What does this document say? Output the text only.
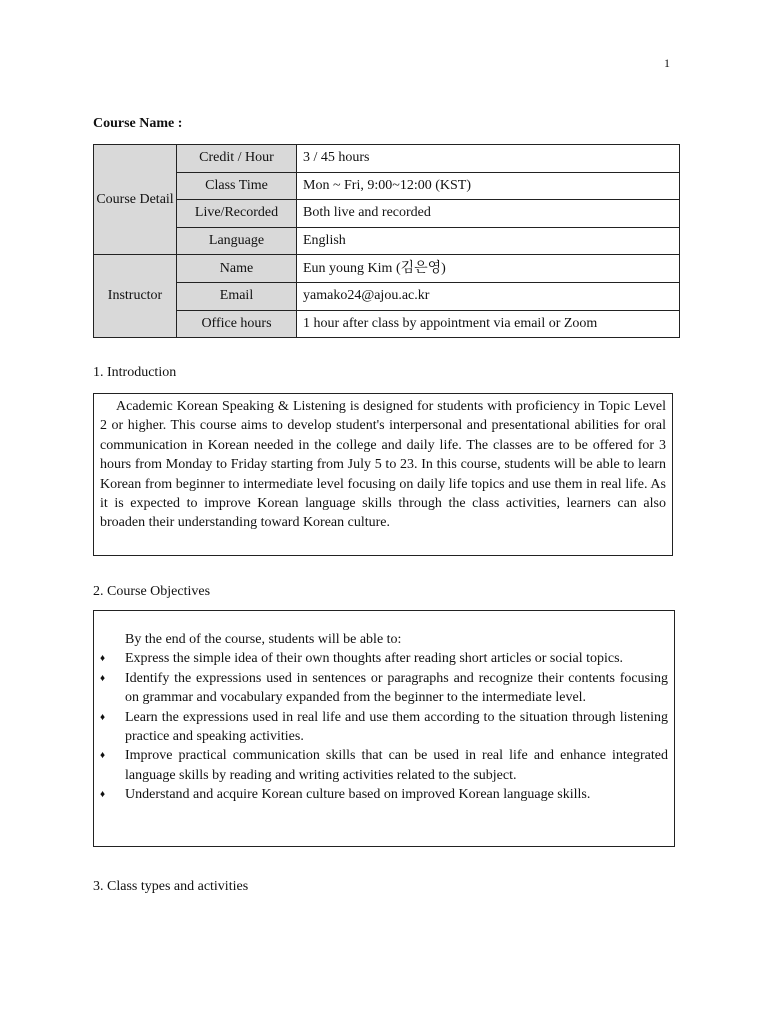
1
Course Name :
Course Detail	Credit / Hour	3 / 45 hours
	Class Time	Mon ~ Fri, 9:00~12:00 (KST)
	Live/Recorded	Both live and recorded
	Language	English
Instructor	Name	Eun young Kim (김은영)
	Email	yamako24@ajou.ac.kr
	Office hours	1 hour after class by appointment via email or Zoom
1. Introduction

Academic Korean Speaking & Listening is designed for students with proficiency in Topic Level 2 or higher. This course aims to develop student's interpersonal and presentational abilities for oral communication in Korean needed in the college and daily life. The classes are to be offered for 3 hours from Monday to Friday starting from July 5 to 23. In this course, students will be able to learn Korean from beginner to intermediate level focusing on daily life topics and use them in real life. As it is expected to improve Korean language skills through the class activities, learners can also broaden their understanding toward Korean culture.

2. Course Objectives

By the end of the course, students will be able to:

♦ Express the simple idea of their own thoughts after reading short articles or social topics.
♦ Identify the expressions used in sentences or paragraphs and recognize their contents focusing on grammar and vocabulary expanded from the beginner to the intermediate level.
♦ Learn the expressions used in real life and use them according to the situation through listening practice and speaking activities.
♦ Improve practical communication skills that can be used in real life and enhance integrated language skills by reading and writing activities related to the subject.
♦ Understand and acquire Korean culture based on improved Korean language skills.
3. Class types and activities
